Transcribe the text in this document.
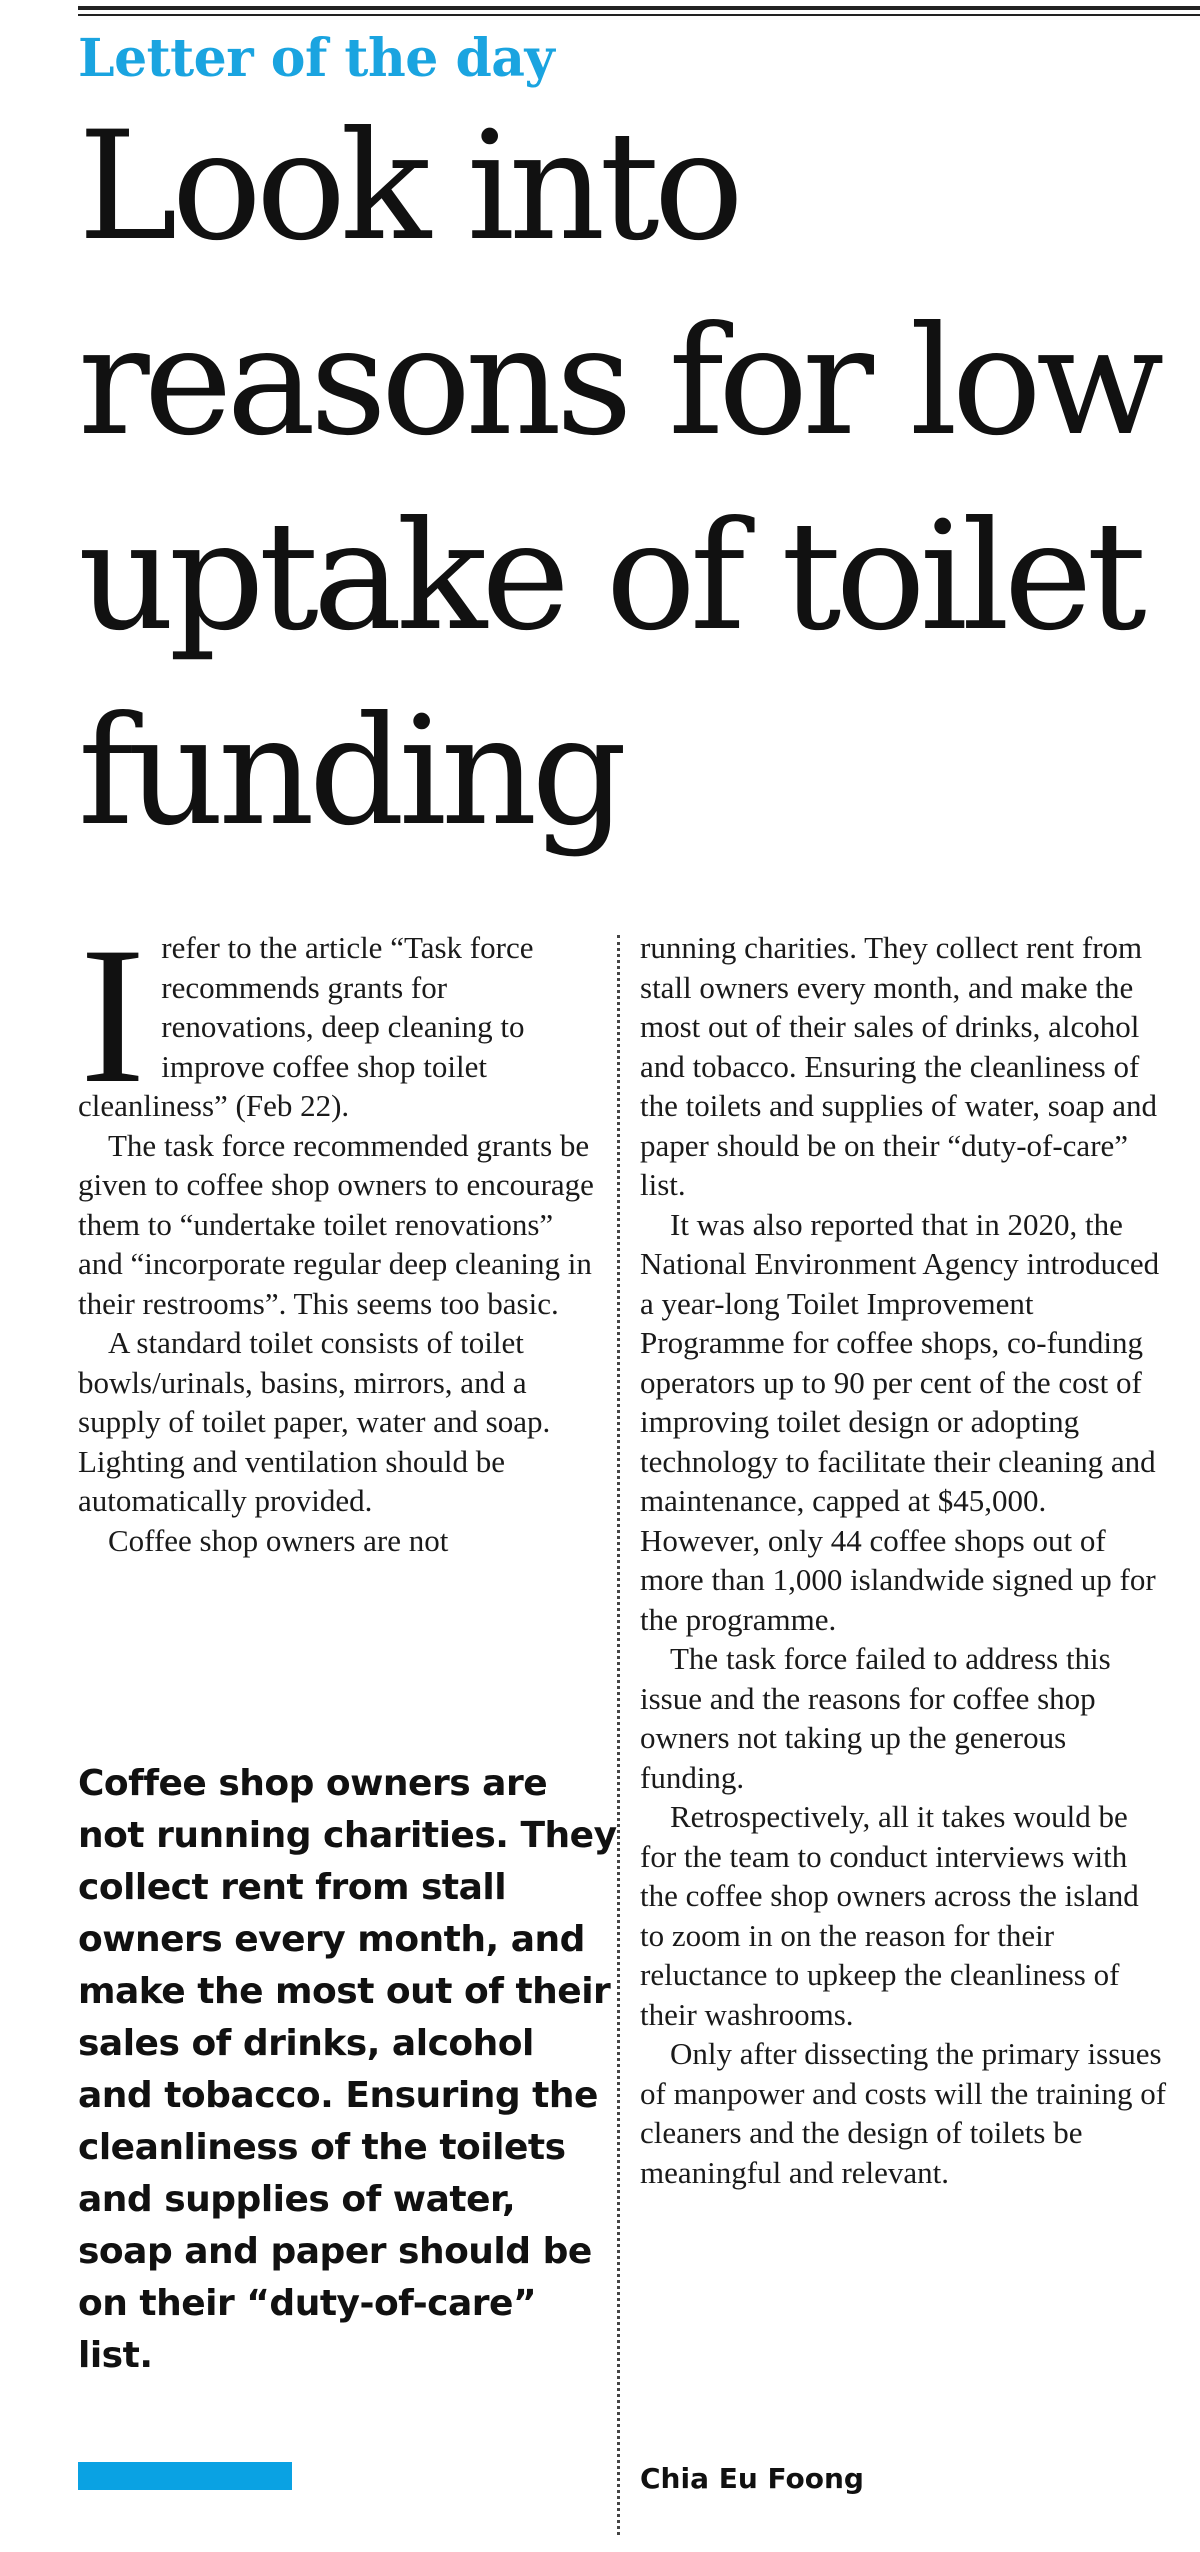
Letter of the day
Look into reasons for low uptake of toilet funding
I refer to the article “Task force recommends grants for renovations, deep cleaning to improve coffee shop toilet cleanliness” (Feb 22).

The task force recommended grants be given to coffee shop owners to encourage them to “undertake toilet renovations” and “incorporate regular deep cleaning in their restrooms”. This seems too basic.

A standard toilet consists of toilet bowls/urinals, basins, mirrors, and a supply of toilet paper, water and soap. Lighting and ventilation should be automatically provided.

Coffee shop owners are not

running charities. They collect rent from stall owners every month, and make the most out of their sales of drinks, alcohol and tobacco. Ensuring the cleanliness of the toilets and supplies of water, soap and paper should be on their “duty-of-care” list.

It was also reported that in 2020, the National Environment Agency introduced a year-long Toilet Improvement Programme for coffee shops, co-funding operators up to 90 per cent of the cost of improving toilet design or adopting technology to facilitate their cleaning and maintenance, capped at $45,000. However, only 44 coffee shops out of more than 1,000 islandwide signed up for the programme.

The task force failed to address this issue and the reasons for coffee shop owners not taking up the generous funding.

Retrospectively, all it takes would be for the team to conduct interviews with the coffee shop owners across the island to zoom in on the reason for their reluctance to upkeep the cleanliness of their washrooms.

Only after dissecting the primary issues of manpower and costs will the training of cleaners and the design of toilets be meaningful and relevant.

Coffee shop owners are not running charities. They collect rent from stall owners every month, and make the most out of their sales of drinks, alcohol and tobacco. Ensuring the cleanliness of the toilets and supplies of water, soap and paper should be on their “duty-of-care” list.
Chia Eu Foong
